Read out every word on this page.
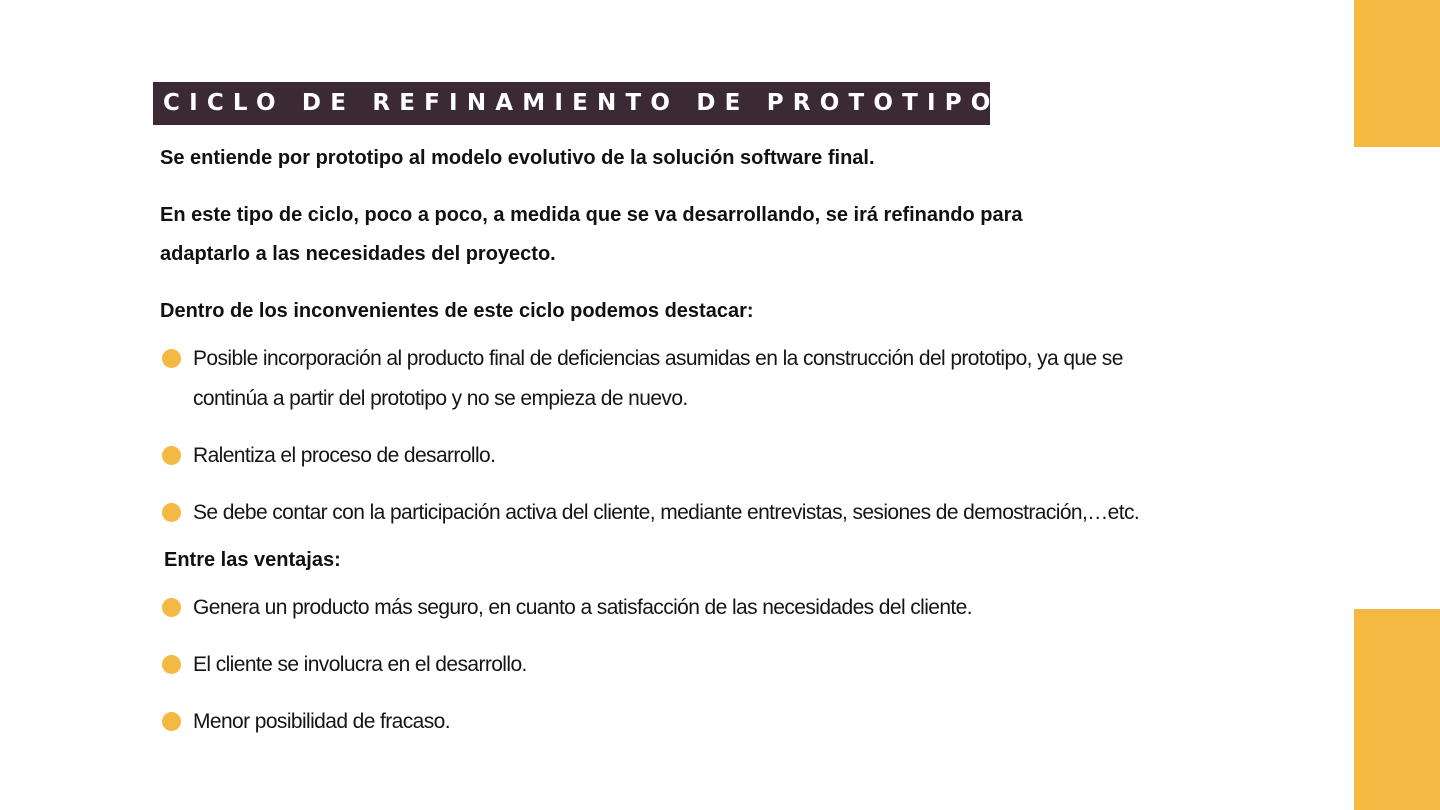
CICLO DE REFINAMIENTO DE PROTOTIPOS
Se entiende por prototipo al modelo evolutivo de la solución software final.
En este tipo de ciclo, poco a poco, a medida que se va desarrollando, se irá refinando para
adaptarlo a las necesidades del proyecto.
Dentro de los inconvenientes de este ciclo podemos destacar:
Posible incorporación al producto final de deficiencias asumidas en la construcción del prototipo, ya que se
continúa a partir del prototipo y no se empieza de nuevo.
Ralentiza el proceso de desarrollo.
Se debe contar con la participación activa del cliente, mediante entrevistas, sesiones de demostración,…etc.
Entre las ventajas:
Genera un producto más seguro, en cuanto a satisfacción de las necesidades del cliente.
El cliente se involucra en el desarrollo.
Menor posibilidad de fracaso.
